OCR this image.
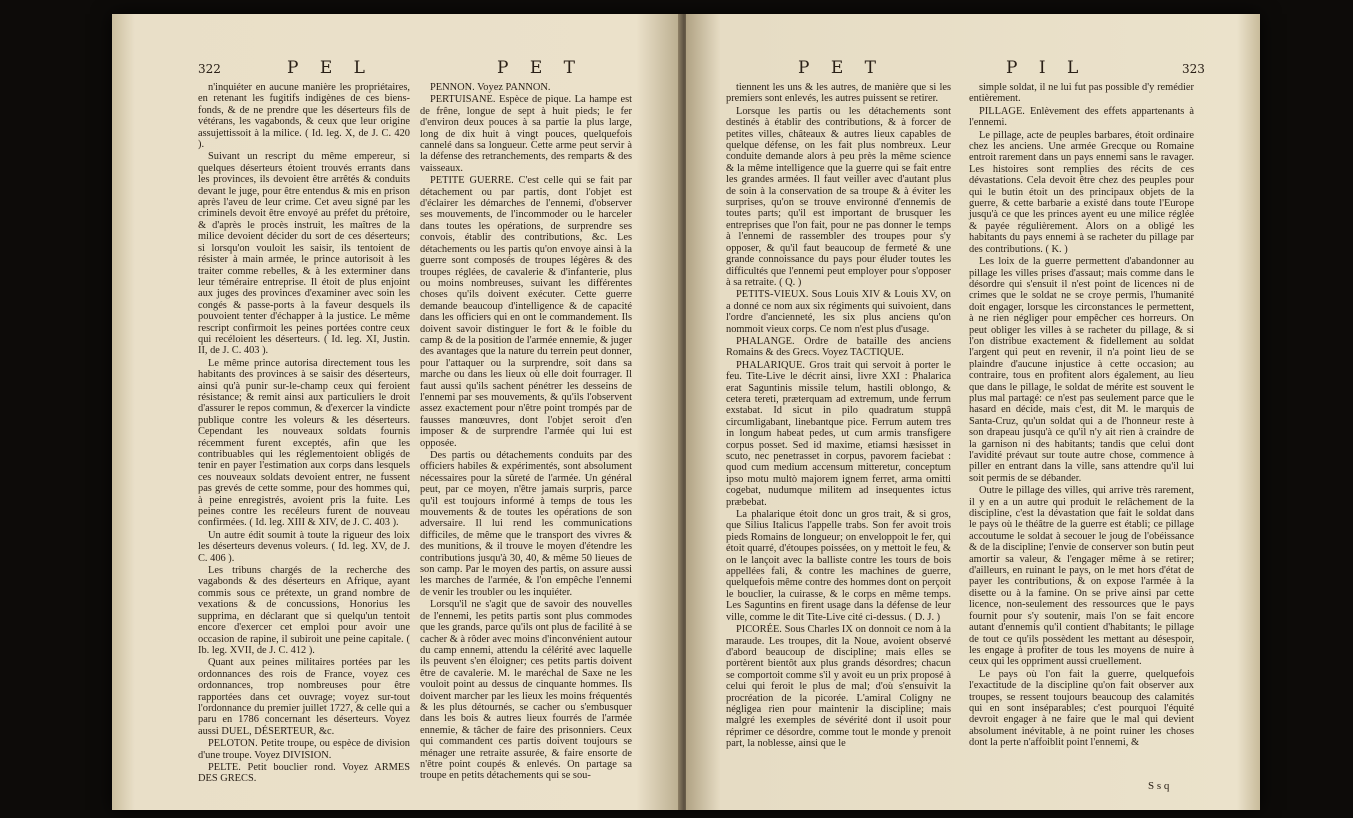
322	P E L	P E T

n'inquiéter en aucune manière les propriétaires, en retenant les fugitifs indigènes de ces biens-fonds, & de ne prendre que les déserteurs fils de vétérans, les vagabonds, & ceux que leur origine assujettissoit à la milice. ( Id. leg. X, de J. C. 420 ).

Suivant un rescript du même empereur, si quelques déserteurs étoient trouvés errants dans les provinces, ils devoient être arrêtés & conduits devant le juge, pour être entendus & mis en prison après l'aveu de leur crime. Cet aveu signé par les criminels devoit être envoyé au préfet du prétoire, & d'après le procès instruit, les maîtres de la milice devoient décider du sort de ces déserteurs; si lorsqu'on vouloit les saisir, ils tentoient de résister à main armée, le prince autorisoit à les traiter comme rebelles, & à les exterminer dans leur téméraire entreprise. Il étoit de plus enjoint aux juges des provinces d'examiner avec soin les congés & passe-ports à la faveur desquels ils pouvoient tenter d'échapper à la justice. Le même rescript confirmoit les peines portées contre ceux qui recéloient les déserteurs. ( Id. leg. XI, Justin. II, de J. C. 403 ).

Le même prince autorisa directement tous les habitants des provinces à se saisir des déserteurs, ainsi qu'à punir sur-le-champ ceux qui feroient résistance; & remit ainsi aux particuliers le droit d'assurer le repos commun, & d'exercer la vindicte publique contre les voleurs & les déserteurs. Cependant les nouveaux soldats fournis récemment furent exceptés, afin que les contribuables qui les réglementoient obligés de tenir en payer l'estimation aux corps dans lesquels ces nouveaux soldats devoient entrer, ne fussent pas grevés de cette somme, pour des hommes qui, à peine enregistrés, avoient pris la fuite. Les peines contre les recéleurs furent de nouveau confirmées. ( Id. leg. XIII & XIV, de J. C. 403 ).

Un autre édit soumit à toute la rigueur des loix les déserteurs devenus voleurs. ( Id. leg. XV, de J. C. 406 ).

Les tribuns chargés de la recherche des vagabonds & des déserteurs en Afrique, ayant commis sous ce prétexte, un grand nombre de vexations & de concussions, Honorius les supprima, en déclarant que si quelqu'un tentoit encore d'exercer cet emploi pour avoir une occasion de rapine, il subiroit une peine capitale. ( Ib. leg. XVII, de J. C. 412 ).

Quant aux peines militaires portées par les ordonnances des rois de France, voyez ces ordonnances, trop nombreuses pour être rapportées dans cet ouvrage; voyez sur-tout l'ordonnance du premier juillet 1727, & celle qui a paru en 1786 concernant les déserteurs. Voyez aussi DUEL, DÉSERTEUR, &c.

PELOTON. Petite troupe, ou espèce de division d'une troupe. Voyez DIVISION.

PELTE. Petit bouclier rond. Voyez ARMES DES GRECS.

PENNON. Voyez PANNON.

PERTUISANE. Espèce de pique. La hampe est de frêne, longue de sept à huit pieds; le fer d'environ deux pouces à sa partie la plus large, long de dix huit à vingt pouces, quelquefois cannelé dans sa longueur. Cette arme peut servir à la défense des retranchements, des remparts & des vaisseaux.

PETITE GUERRE. C'est celle qui se fait par détachement ou par partis, dont l'objet est d'éclairer les démarches de l'ennemi, d'observer ses mouvements, de l'incommoder ou le harceler dans toutes les opérations, de surprendre ses convois, établir des contributions, &c. Les détachements ou les partis qu'on envoye ainsi à la guerre sont composés de troupes légères & des troupes réglées, de cavalerie & d'infanterie, plus ou moins nombreuses, suivant les différentes choses qu'ils doivent exécuter. Cette guerre demande beaucoup d'intelligence & de capacité dans les officiers qui en ont le commandement. Ils doivent savoir distinguer le fort & le foible du camp & de la position de l'armée ennemie, & juger des avantages que la nature du terrein peut donner, pour l'attaquer ou la surprendre, soit dans sa marche ou dans les lieux où elle doit fourrager. Il faut aussi qu'ils sachent pénétrer les desseins de l'ennemi par ses mouvements, & qu'ils l'observent assez exactement pour n'être point trompés par de fausses manœuvres, dont l'objet seroit d'en imposer & de surprendre l'armée qui lui est opposée.

Des partis ou détachements conduits par des officiers habiles & expérimentés, sont absolument nécessaires pour la sûreté de l'armée. Un général peut, par ce moyen, n'être jamais surpris, parce qu'il est toujours informé à temps de tous les mouvements & de toutes les opérations de son adversaire. Il lui rend les communications difficiles, de même que le transport des vivres & des munitions, & il trouve le moyen d'étendre les contributions jusqu'à 30, 40, & même 50 lieues de son camp. Par le moyen des partis, on assure aussi les marches de l'armée, & l'on empêche l'ennemi de venir les troubler ou les inquiéter.

Lorsqu'il ne s'agit que de savoir des nouvelles de l'ennemi, les petits partis sont plus commodes que les grands, parce qu'ils ont plus de facilité à se cacher & à rôder avec moins d'inconvénient autour du camp ennemi, attendu la célérité avec laquelle ils peuvent s'en éloigner; ces petits partis doivent être de cavalerie. M. le maréchal de Saxe ne les vouloit point au dessus de cinquante hommes. Ils doivent marcher par les lieux les moins fréquentés & les plus détournés, se cacher ou s'embusquer dans les bois & autres lieux fourrés de l'armée ennemie, & tâcher de faire des prisonniers. Ceux qui commandent ces partis doivent toujours se ménager une retraite assurée, & faire ensorte de n'être point coupés & enlevés. On partage sa troupe en petits détachements qui se sou-

P E T	P I L	323

tiennent les uns & les autres, de manière que si les premiers sont enlevés, les autres puissent se retirer.

Lorsque les partis ou les détachements sont destinés à établir des contributions, & à forcer de petites villes, châteaux & autres lieux capables de quelque défense, on les fait plus nombreux. Leur conduite demande alors à peu près la même science & la même intelligence que la guerre qui se fait entre les grandes armées. Il faut veiller avec d'autant plus de soin à la conservation de sa troupe & à éviter les surprises, qu'on se trouve environné d'ennemis de toutes parts; qu'il est important de brusquer les entreprises que l'on fait, pour ne pas donner le temps à l'ennemi de rassembler des troupes pour s'y opposer, & qu'il faut beaucoup de fermeté & une grande connoissance du pays pour éluder toutes les difficultés que l'ennemi peut employer pour s'opposer à sa retraite. ( Q. )

PETITS-VIEUX. Sous Louis XIV & Louis XV, on a donné ce nom aux six régiments qui suivoient, dans l'ordre d'ancienneté, les six plus anciens qu'on nommoit vieux corps. Ce nom n'est plus d'usage.

PHALANGE. Ordre de bataille des anciens Romains & des Grecs. Voyez TACTIQUE.

PHALARIQUE. Gros trait qui servoit à porter le feu. Tite-Live le décrit ainsi, livre XXI : Phalarica erat Saguntinis missile telum, hastili oblongo, & cetera tereti, præterquam ad extremum, unde ferrum exstabat. Id sicut in pilo quadratum stuppâ circumligabant, linebantque pice. Ferrum autem tres in longum habeat pedes, ut cum armis transfigere corpus posset. Sed id maxime, etiamsi hæsisset in scuto, nec penetrasset in corpus, pavorem faciebat : quod cum medium accensum mitteretur, conceptum ipso motu multò majorem ignem ferret, arma omitti cogebat, nudumque militem ad insequentes ictus præbebat.

La phalarique étoit donc un gros trait, & si gros, que Silius Italicus l'appelle trabs. Son fer avoit trois pieds Romains de longueur; on enveloppoit le fer, qui étoit quarré, d'étoupes poissées, on y mettoit le feu, & on le lançoit avec la balliste contre les tours de bois appellées fali, & contre les machines de guerre, quelquefois même contre des hommes dont on perçoit le bouclier, la cuirasse, & le corps en même temps. Les Saguntins en firent usage dans la défense de leur ville, comme le dit Tite-Live cité ci-dessus. ( D. J. )

PICORÉE. Sous Charles IX on donnoit ce nom à la maraude. Les troupes, dit la Noue, avoient observé d'abord beaucoup de discipline; mais elles se portèrent bientôt aux plus grands désordres; chacun se comportoit comme s'il y avoit eu un prix proposé à celui qui feroit le plus de mal; d'où s'ensuivit la procréation de la picorée. L'amiral Coligny ne négligea rien pour maintenir la discipline; mais malgré les exemples de sévérité dont il usoit pour réprimer ce désordre, comme tout le monde y prenoit part, la noblesse, ainsi que le

simple soldat, il ne lui fut pas possible d'y remédier entièrement.

PILLAGE. Enlèvement des effets appartenants à l'ennemi.

Le pillage, acte de peuples barbares, étoit ordinaire chez les anciens. Une armée Grecque ou Romaine entroit rarement dans un pays ennemi sans le ravager. Les histoires sont remplies des récits de ces dévastations. Cela devoit être chez des peuples pour qui le butin étoit un des principaux objets de la guerre, & cette barbarie a existé dans toute l'Europe jusqu'à ce que les princes ayent eu une milice réglée & payée régulièrement. Alors on a obligé les habitants du pays ennemi à se racheter du pillage par des contributions. ( K. )

Les loix de la guerre permettent d'abandonner au pillage les villes prises d'assaut; mais comme dans le désordre qui s'ensuit il n'est point de licences ni de crimes que le soldat ne se croye permis, l'humanité doit engager, lorsque les circonstances le permettent, à ne rien négliger pour empêcher ces horreurs. On peut obliger les villes à se racheter du pillage, & si l'on distribue exactement & fidellement au soldat l'argent qui peut en revenir, il n'a point lieu de se plaindre d'aucune injustice à cette occasion; au contraire, tous en profitent alors également, au lieu que dans le pillage, le soldat de mérite est souvent le plus mal partagé: ce n'est pas seulement parce que le hasard en décide, mais c'est, dit M. le marquis de Santa-Cruz, qu'un soldat qui a de l'honneur reste à son drapeau jusqu'à ce qu'il n'y ait rien à craindre de la garnison ni des habitants; tandis que celui dont l'avidité prévaut sur toute autre chose, commence à piller en entrant dans la ville, sans attendre qu'il lui soit permis de se débander.

Outre le pillage des villes, qui arrive très rarement, il y en a un autre qui produit le relâchement de la discipline, c'est la dévastation que fait le soldat dans le pays où le théâtre de la guerre est établi; ce pillage accoutume le soldat à secouer le joug de l'obéissance & de la discipline; l'envie de conserver son butin peut amortir sa valeur, & l'engager même à se retirer; d'ailleurs, en ruinant le pays, on le met hors d'état de payer les contributions, & on expose l'armée à la disette ou à la famine. On se prive ainsi par cette licence, non-seulement des ressources que le pays fournit pour s'y soutenir, mais l'on se fait encore autant d'ennemis qu'il contient d'habitants; le pillage de tout ce qu'ils possèdent les mettant au désespoir, les engage à profiter de tous les moyens de nuire à ceux qui les oppriment aussi cruellement.

Le pays où l'on fait la guerre, quelquefois l'exactitude de la discipline qu'on fait observer aux troupes, se ressent toujours beaucoup des calamités qui en sont inséparables; c'est pourquoi l'équité devroit engager à ne faire que le mal qui devient absolument inévitable, à ne point ruiner les choses dont la perte n'affoiblit point l'ennemi, &

S s q
